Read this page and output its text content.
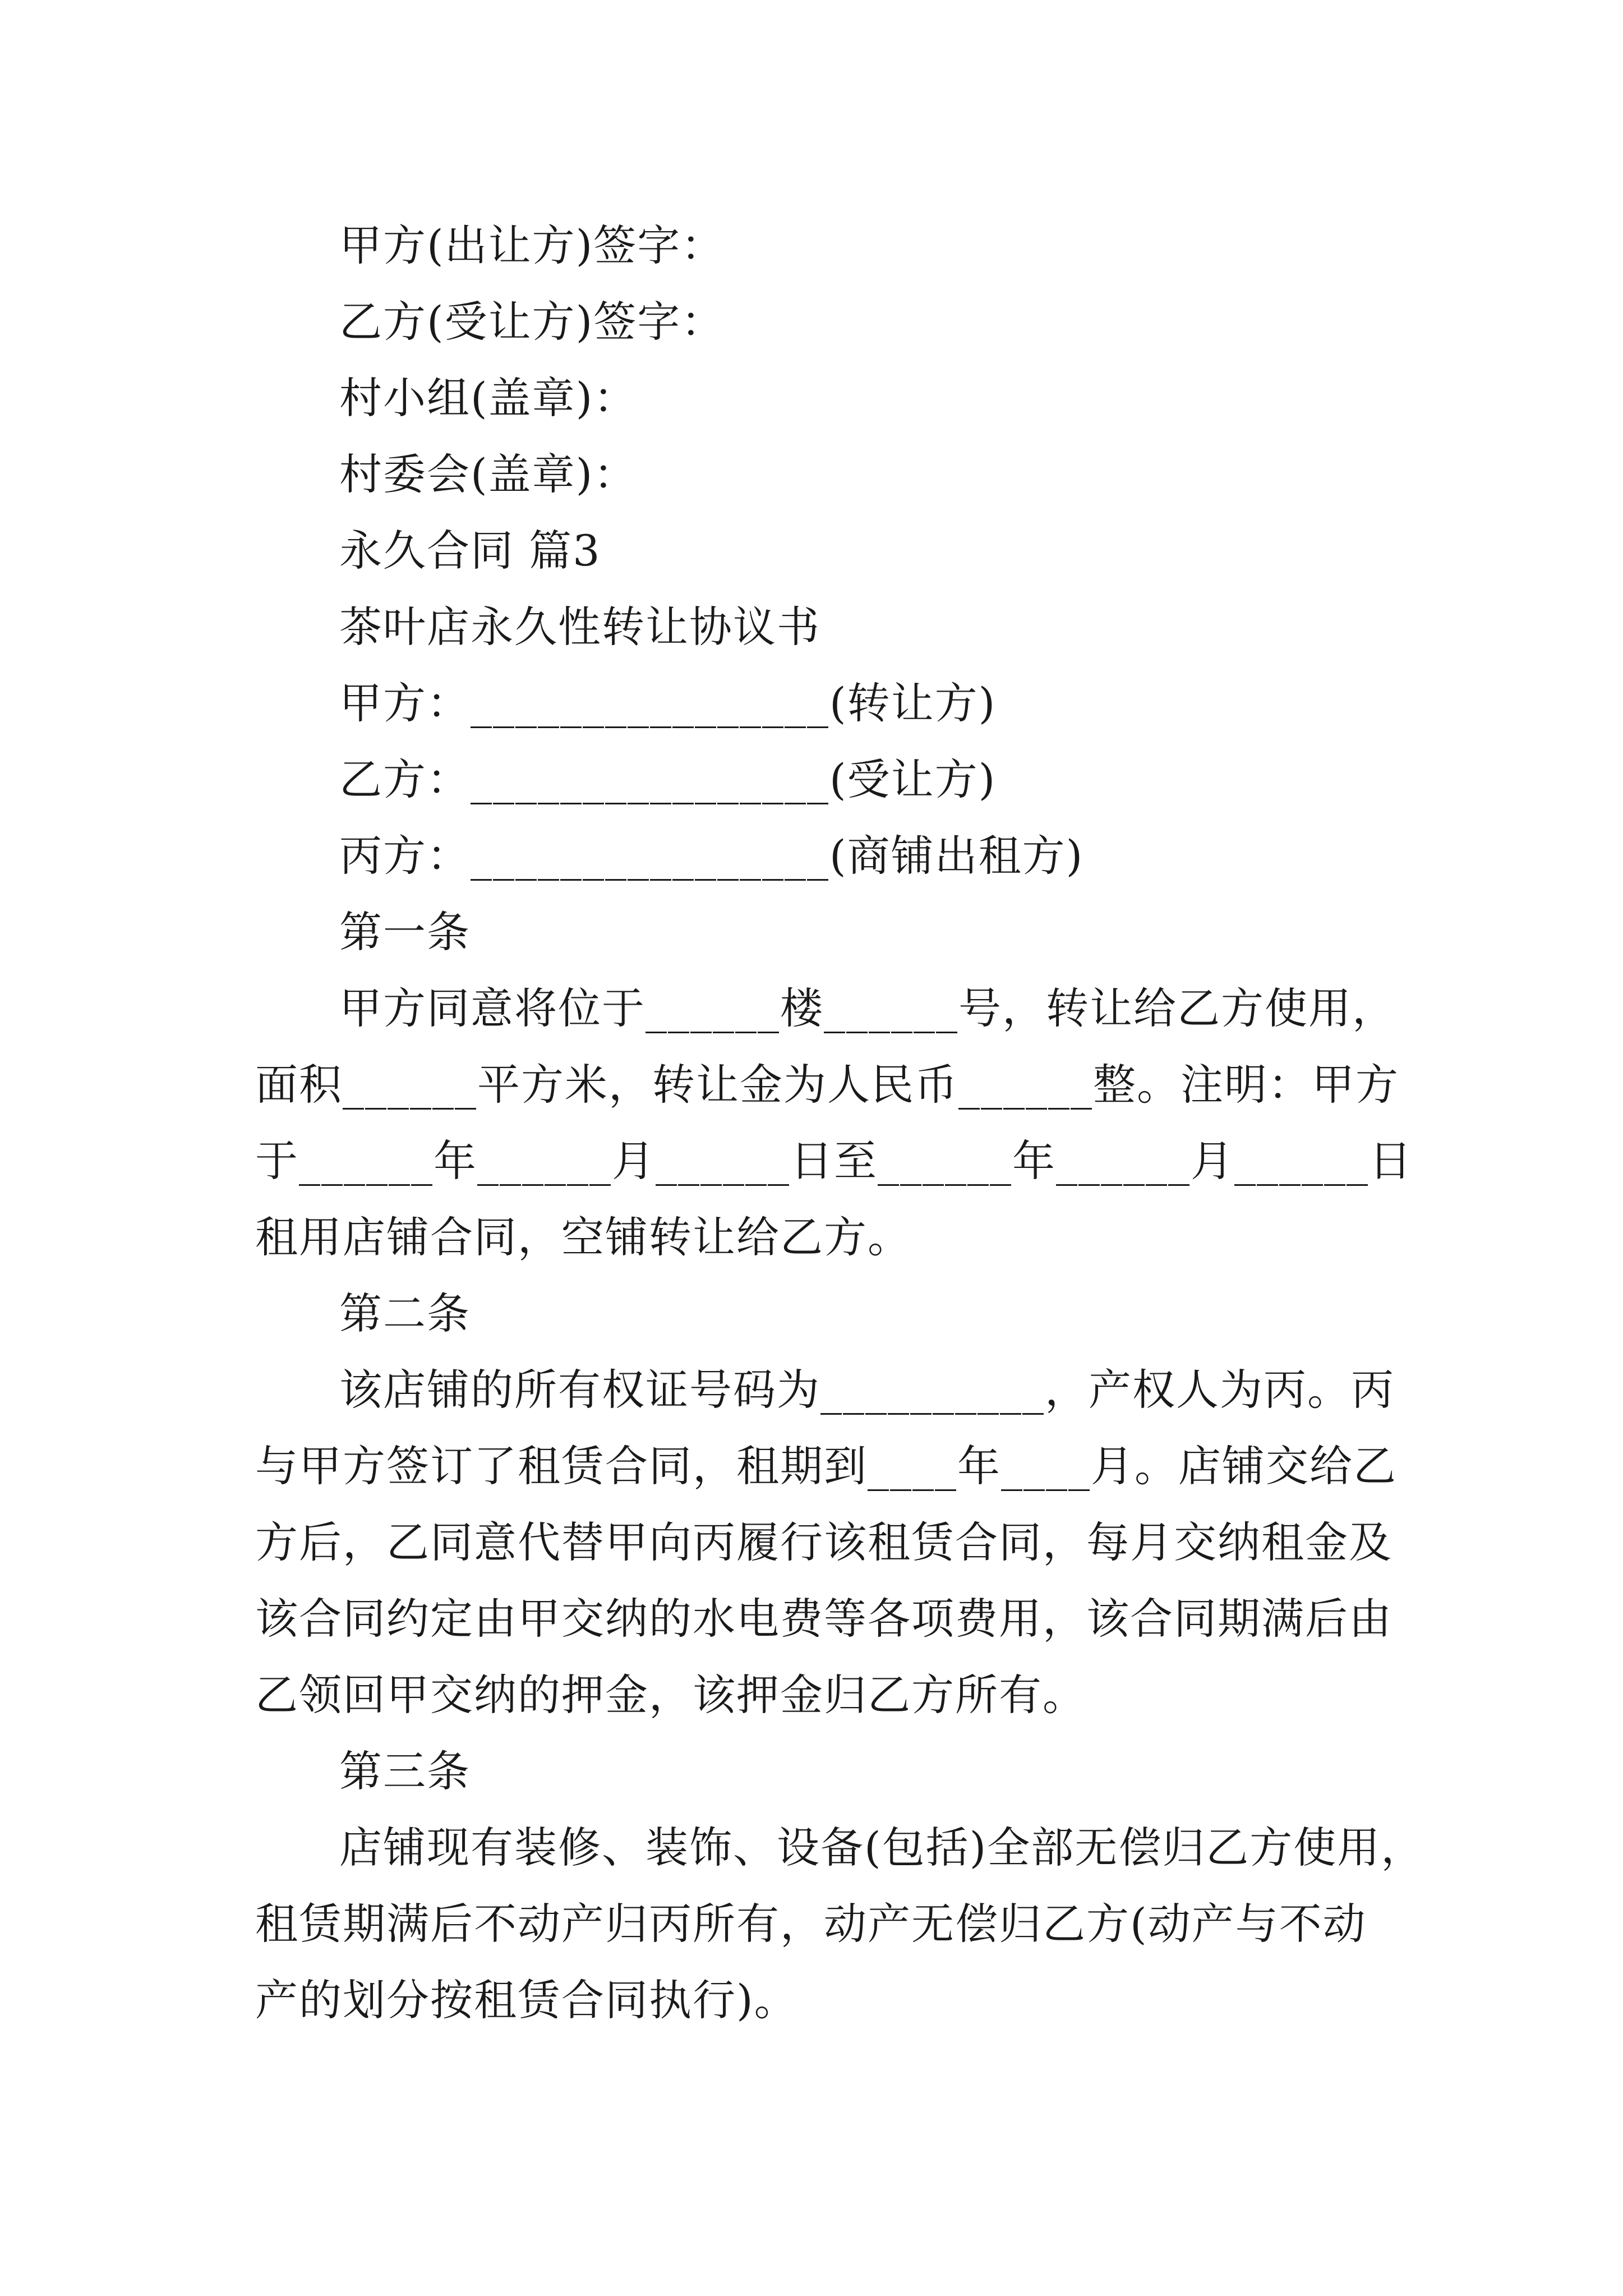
甲方(出让方)签字：
乙方(受让方)签字：
村小组(盖章)：
村委会(盖章)：
永久合同 篇3
茶叶店永久性转让协议书
甲方：________________(转让方)
乙方：________________(受让方)
丙方：________________(商铺出租方)
第一条
甲方同意将位于______楼______号，转让给乙方使用，
面积______平方米，转让金为人民币______整。注明：甲方
于______年______月______日至______年______月______日
租用店铺合同，空铺转让给乙方。
第二条
该店铺的所有权证号码为__________，产权人为丙。丙
与甲方签订了租赁合同，租期到____年____月。店铺交给乙
方后，乙同意代替甲向丙履行该租赁合同，每月交纳租金及
该合同约定由甲交纳的水电费等各项费用，该合同期满后由
乙领回甲交纳的押金，该押金归乙方所有。
第三条
店铺现有装修、装饰、设备(包括)全部无偿归乙方使用，
租赁期满后不动产归丙所有，动产无偿归乙方(动产与不动
产的划分按租赁合同执行)。
